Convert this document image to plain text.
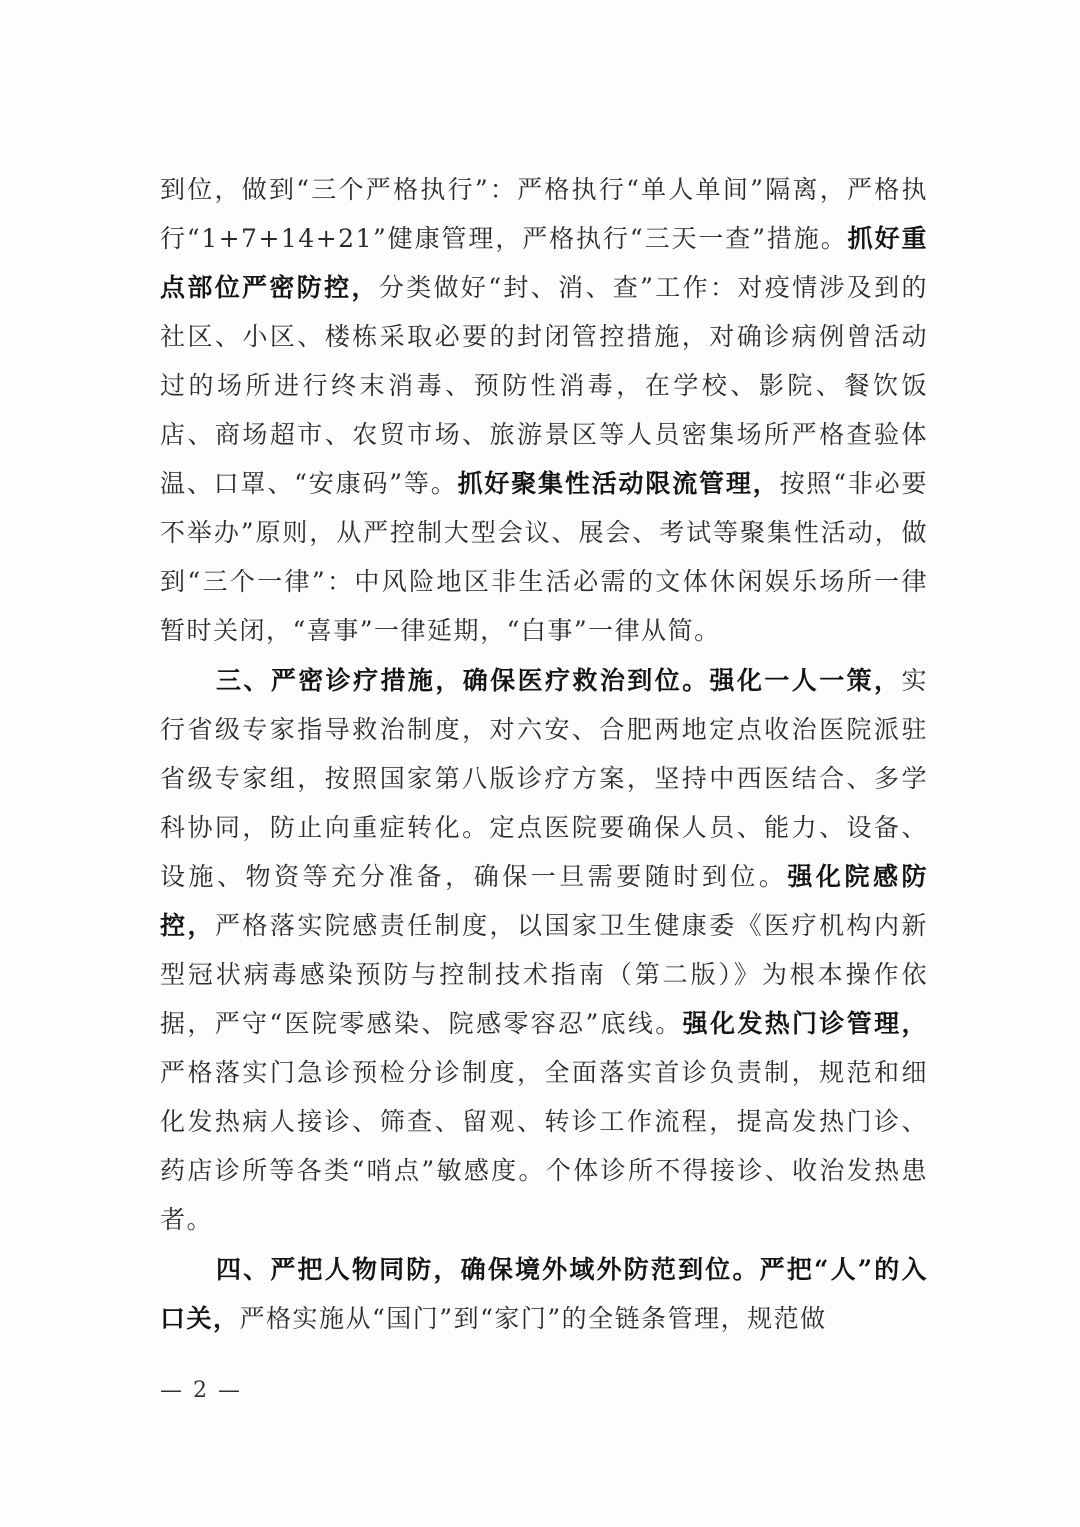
到位，做到“三个严格执行”：严格执行“单人单间”隔离，严格执行“1+7+14+21”健康管理，严格执行“三天一查”措施。抓好重点部位严密防控，分类做好“封、消、查”工作：对疫情涉及到的社区、小区、楼栋采取必要的封闭管控措施，对确诊病例曾活动过的场所进行终末消毒、预防性消毒，在学校、影院、餐饮饭店、商场超市、农贸市场、旅游景区等人员密集场所严格查验体温、口罩、“安康码”等。抓好聚集性活动限流管理，按照“非必要不举办”原则，从严控制大型会议、展会、考试等聚集性活动，做到“三个一律”：中风险地区非生活必需的文体休闲娱乐场所一律暂时关闭，“喜事”一律延期，“白事”一律从简。

三、严密诊疗措施，确保医疗救治到位。强化一人一策，实行省级专家指导救治制度，对六安、合肥两地定点收治医院派驻省级专家组，按照国家第八版诊疗方案，坚持中西医结合、多学科协同，防止向重症转化。定点医院要确保人员、能力、设备、设施、物资等充分准备，确保一旦需要随时到位。强化院感防控，严格落实院感责任制度，以国家卫生健康委《医疗机构内新型冠状病毒感染预防与控制技术指南（第二版）》为根本操作依据，严守“医院零感染、院感零容忍”底线。强化发热门诊管理，严格落实门急诊预检分诊制度，全面落实首诊负责制，规范和细化发热病人接诊、筛查、留观、转诊工作流程，提高发热门诊、药店诊所等各类“哨点”敏感度。个体诊所不得接诊、收治发热患者。

四、严把人物同防，确保境外域外防范到位。严把“人”的入口关，严格实施从“国门”到“家门”的全链条管理，规范做

— 2 —
